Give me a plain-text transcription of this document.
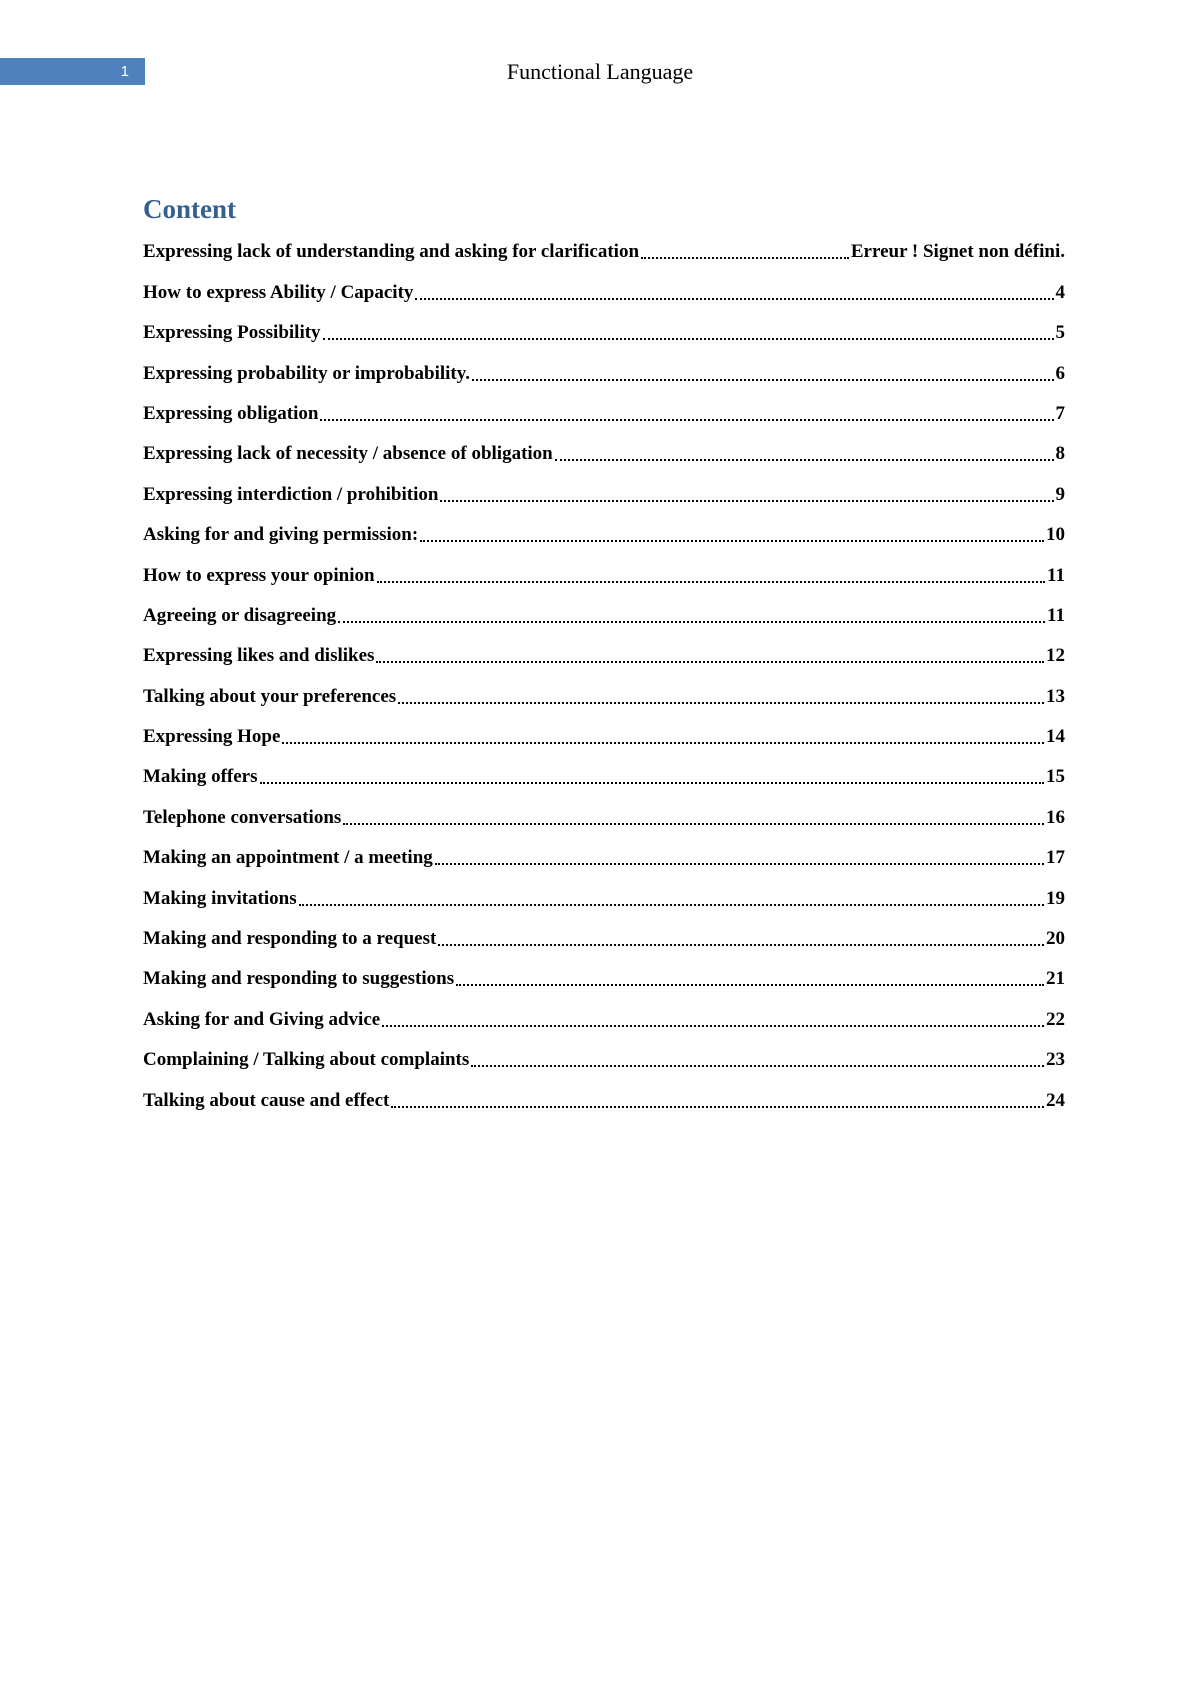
1	Functional Language
Content
Expressing lack of understanding and asking for clarification	Erreur ! Signet non défini.
How to express Ability / Capacity	4
Expressing Possibility	5
Expressing probability or improbability.	6
Expressing obligation	7
Expressing lack of necessity / absence of obligation	8
Expressing interdiction / prohibition	9
Asking for and giving permission:	10
How to express your opinion	11
Agreeing or disagreeing	11
Expressing likes and dislikes	12
Talking about your preferences	13
Expressing Hope	14
Making offers	15
Telephone conversations	16
Making an appointment / a meeting	17
Making invitations	19
Making and responding to a request	20
Making and responding to suggestions	21
Asking for and Giving advice	22
Complaining / Talking about complaints	23
Talking about cause and effect	24
